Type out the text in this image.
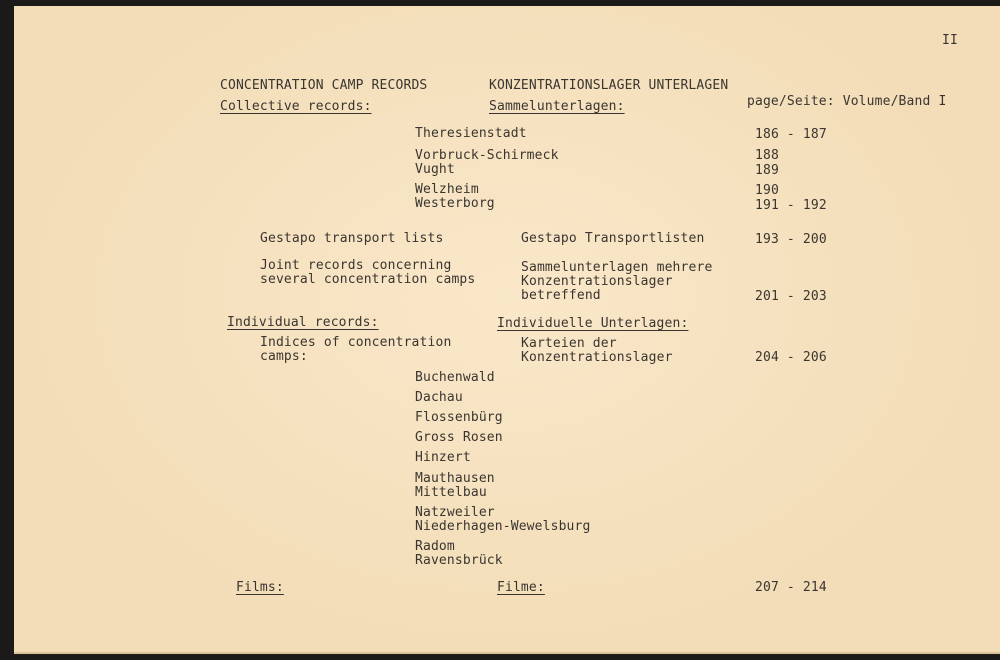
II
CONCENTRATION CAMP RECORDS	KONZENTRATIONSLAGER UNTERLAGEN
Collective records:	Sammelunterlagen:	page/Seite: Volume/Band I
Theresienstadt	186 - 187
Vorbruck-Schirmeck	188
Vught	189
Welzheim	190
Westerborg	191 - 192
Gestapo transport lists	Gestapo Transportlisten	193 - 200
Joint records concerning
several concentration camps
Sammelunterlagen mehrere
Konzentrationslager
betreffend	201 - 203
Individual records:	Individuelle Unterlagen:
Indices of concentration
camps:
Karteien der
Konzentrationslager	204 - 206
Buchenwald
Dachau
Flossenbürg
Gross Rosen
Hinzert
Mauthausen
Mittelbau
Natzweiler
Niederhagen-Wewelsburg
Radom
Ravensbrück
Films:	Filme:	207 - 214
